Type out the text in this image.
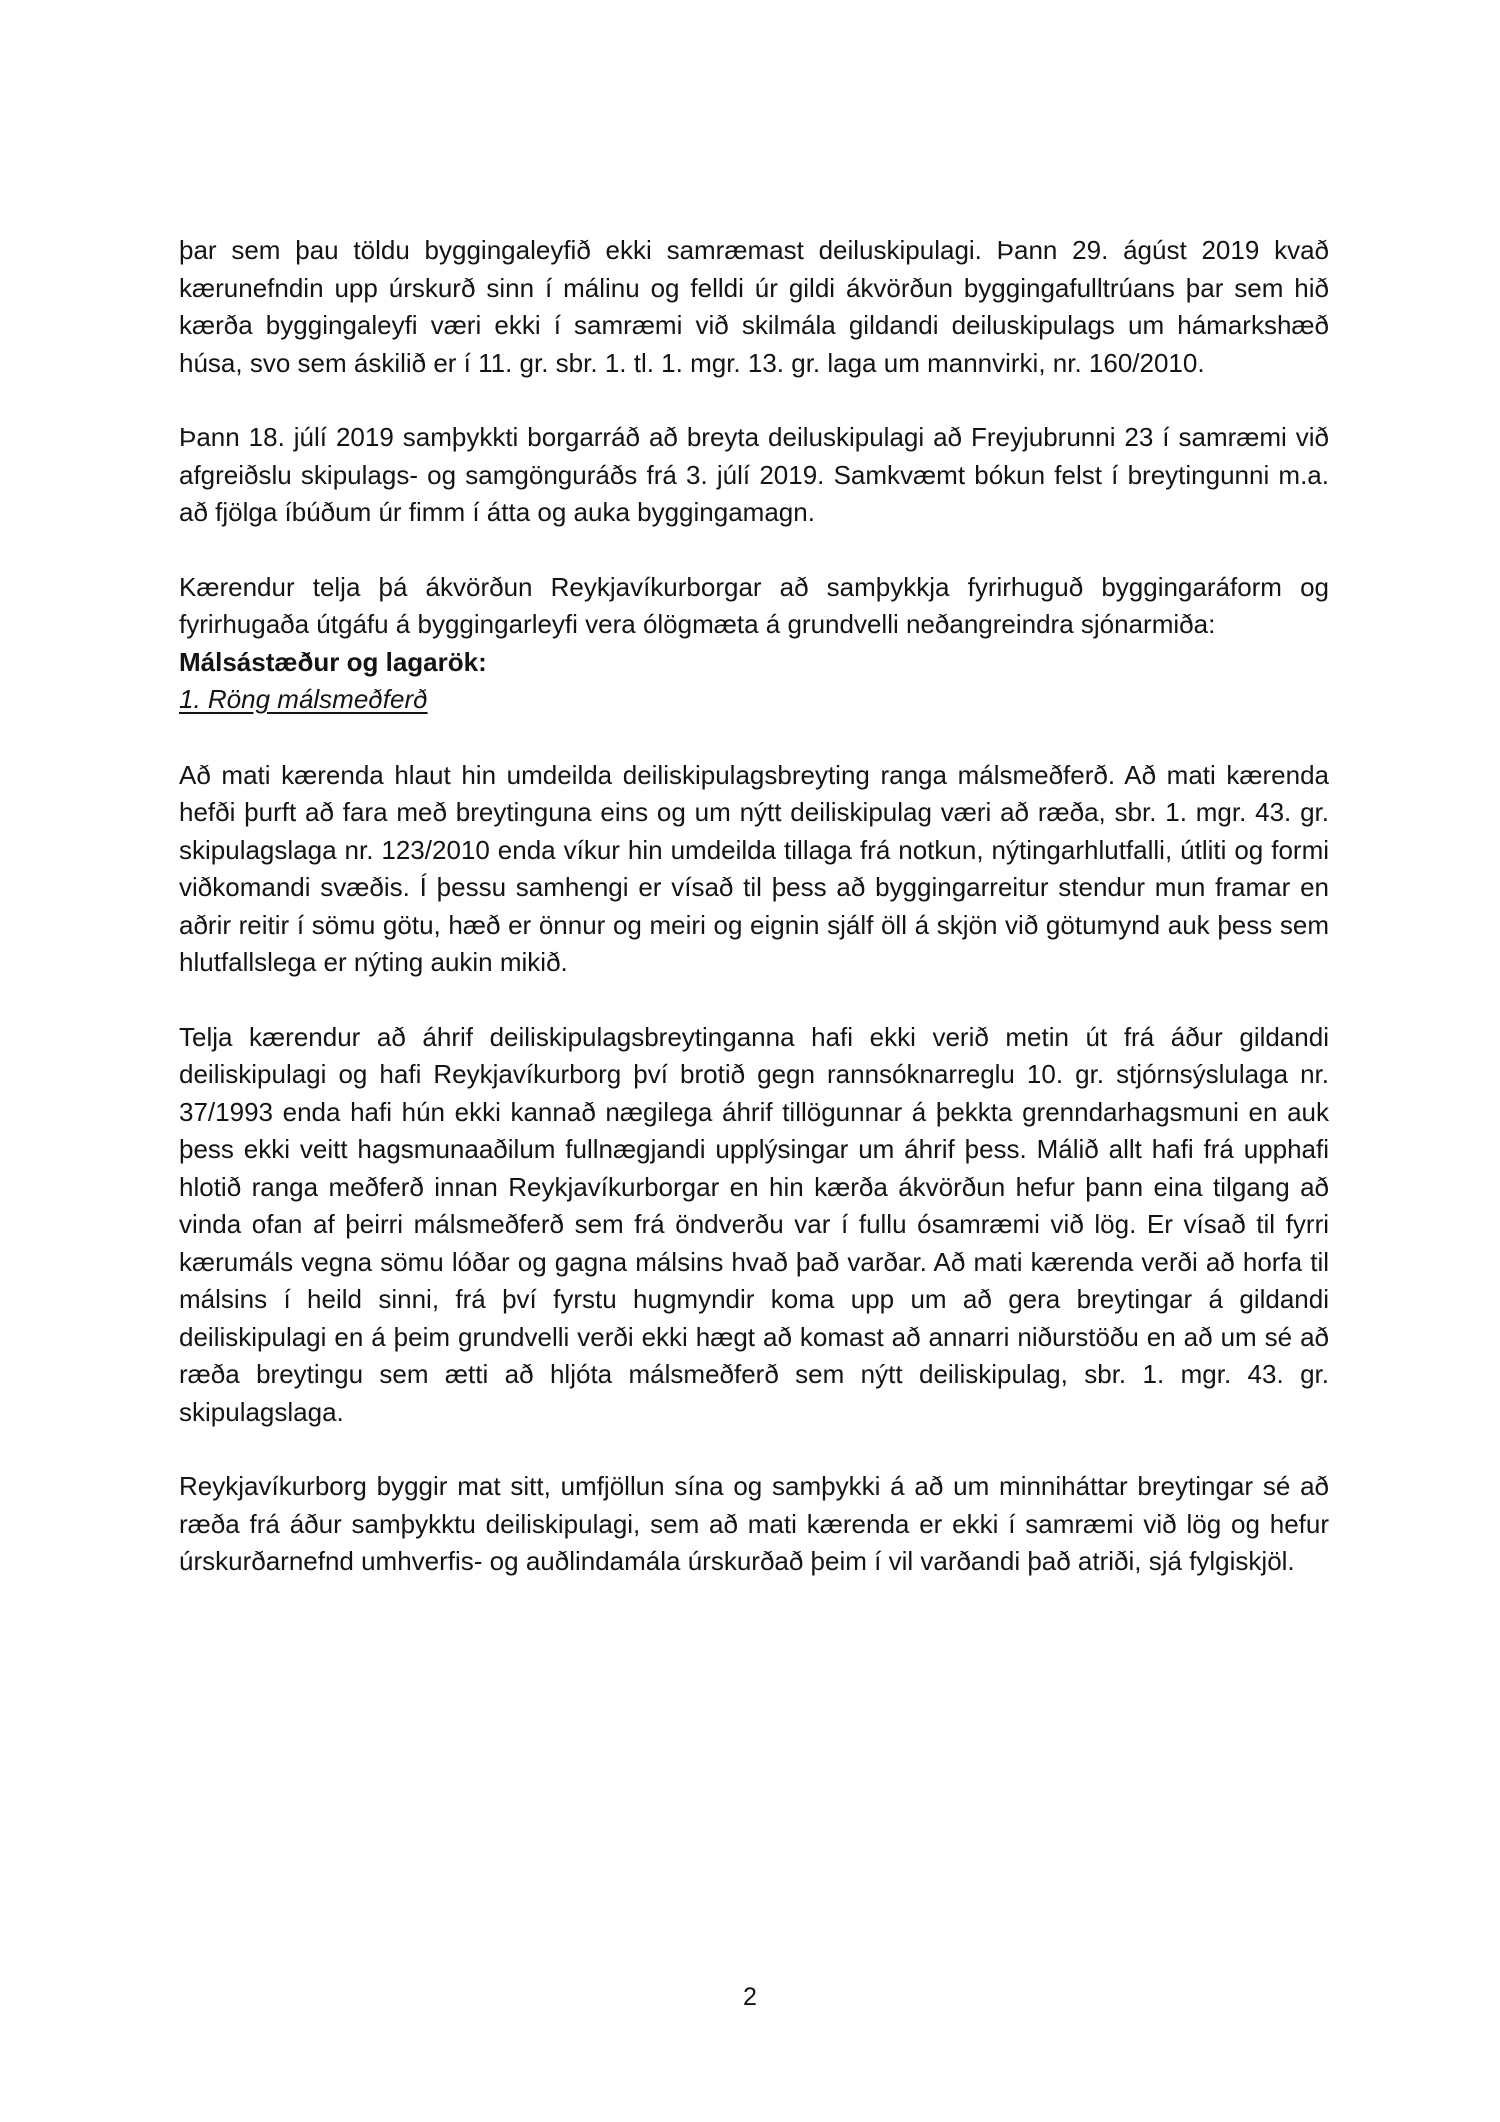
þar sem þau töldu byggingaleyfið ekki samræmast deiluskipulagi. Þann 29. ágúst 2019 kvað kærunefndin upp úrskurð sinn í málinu og felldi úr gildi ákvörðun byggingafulltrúans þar sem hið kærða byggingaleyfi væri ekki í samræmi við skilmála gildandi deiluskipulags um hámarkshæð húsa, svo sem áskilið er í 11. gr. sbr. 1. tl. 1. mgr. 13. gr. laga um mannvirki, nr. 160/2010.

Þann 18. júlí 2019 samþykkti borgarráð að breyta deiluskipulagi að Freyjubrunni 23 í samræmi við afgreiðslu skipulags- og samgönguráðs frá 3. júlí 2019. Samkvæmt bókun felst í breytingunni m.a. að fjölga íbúðum úr fimm í átta og auka byggingamagn.

Kærendur telja þá ákvörðun Reykjavíkurborgar að samþykkja fyrirhuguð byggingaráform og fyrirhugaða útgáfu á byggingarleyfi vera ólögmæta á grundvelli neðangreindra sjónarmiða:

Málsástæður og lagarök:

1. Röng málsmeðferð

Að mati kærenda hlaut hin umdeilda deiliskipulagsbreyting ranga málsmeðferð. Að mati kærenda hefði þurft að fara með breytinguna eins og um nýtt deiliskipulag væri að ræða, sbr. 1. mgr. 43. gr. skipulagslaga nr. 123/2010 enda víkur hin umdeilda tillaga frá notkun, nýtingarhlutfalli, útliti og formi viðkomandi svæðis. Í þessu samhengi er vísað til þess að byggingarreitur stendur mun framar en aðrir reitir í sömu götu, hæð er önnur og meiri og eignin sjálf öll á skjön við götumynd auk þess sem hlutfallslega er nýting aukin mikið.

Telja kærendur að áhrif deiliskipulagsbreytinganna hafi ekki verið metin út frá áður gildandi deiliskipulagi og hafi Reykjavíkurborg því brotið gegn rannsóknarreglu 10. gr. stjórnsýslulaga nr. 37/1993 enda hafi hún ekki kannað nægilega áhrif tillögunnar á þekkta grenndarhagsmuni en auk þess ekki veitt hagsmunaaðilum fullnægjandi upplýsingar um áhrif þess. Málið allt hafi frá upphafi hlotið ranga meðferð innan Reykjavíkurborgar en hin kærða ákvörðun hefur þann eina tilgang að vinda ofan af þeirri málsmeðferð sem frá öndverðu var í fullu ósamræmi við lög. Er vísað til fyrri kærumáls vegna sömu lóðar og gagna málsins hvað það varðar. Að mati kærenda verði að horfa til málsins í heild sinni, frá því fyrstu hugmyndir koma upp um að gera breytingar á gildandi deiliskipulagi en á þeim grundvelli verði ekki hægt að komast að annarri niðurstöðu en að um sé að ræða breytingu sem ætti að hljóta málsmeðferð sem nýtt deiliskipulag, sbr. 1. mgr. 43. gr. skipulagslaga.

Reykjavíkurborg byggir mat sitt, umfjöllun sína og samþykki á að um minniháttar breytingar sé að ræða frá áður samþykktu deiliskipulagi, sem að mati kærenda er ekki í samræmi við lög og hefur úrskurðarnefnd umhverfis- og auðlindamála úrskurðað þeim í vil varðandi það atriði, sjá fylgiskjöl.

2
